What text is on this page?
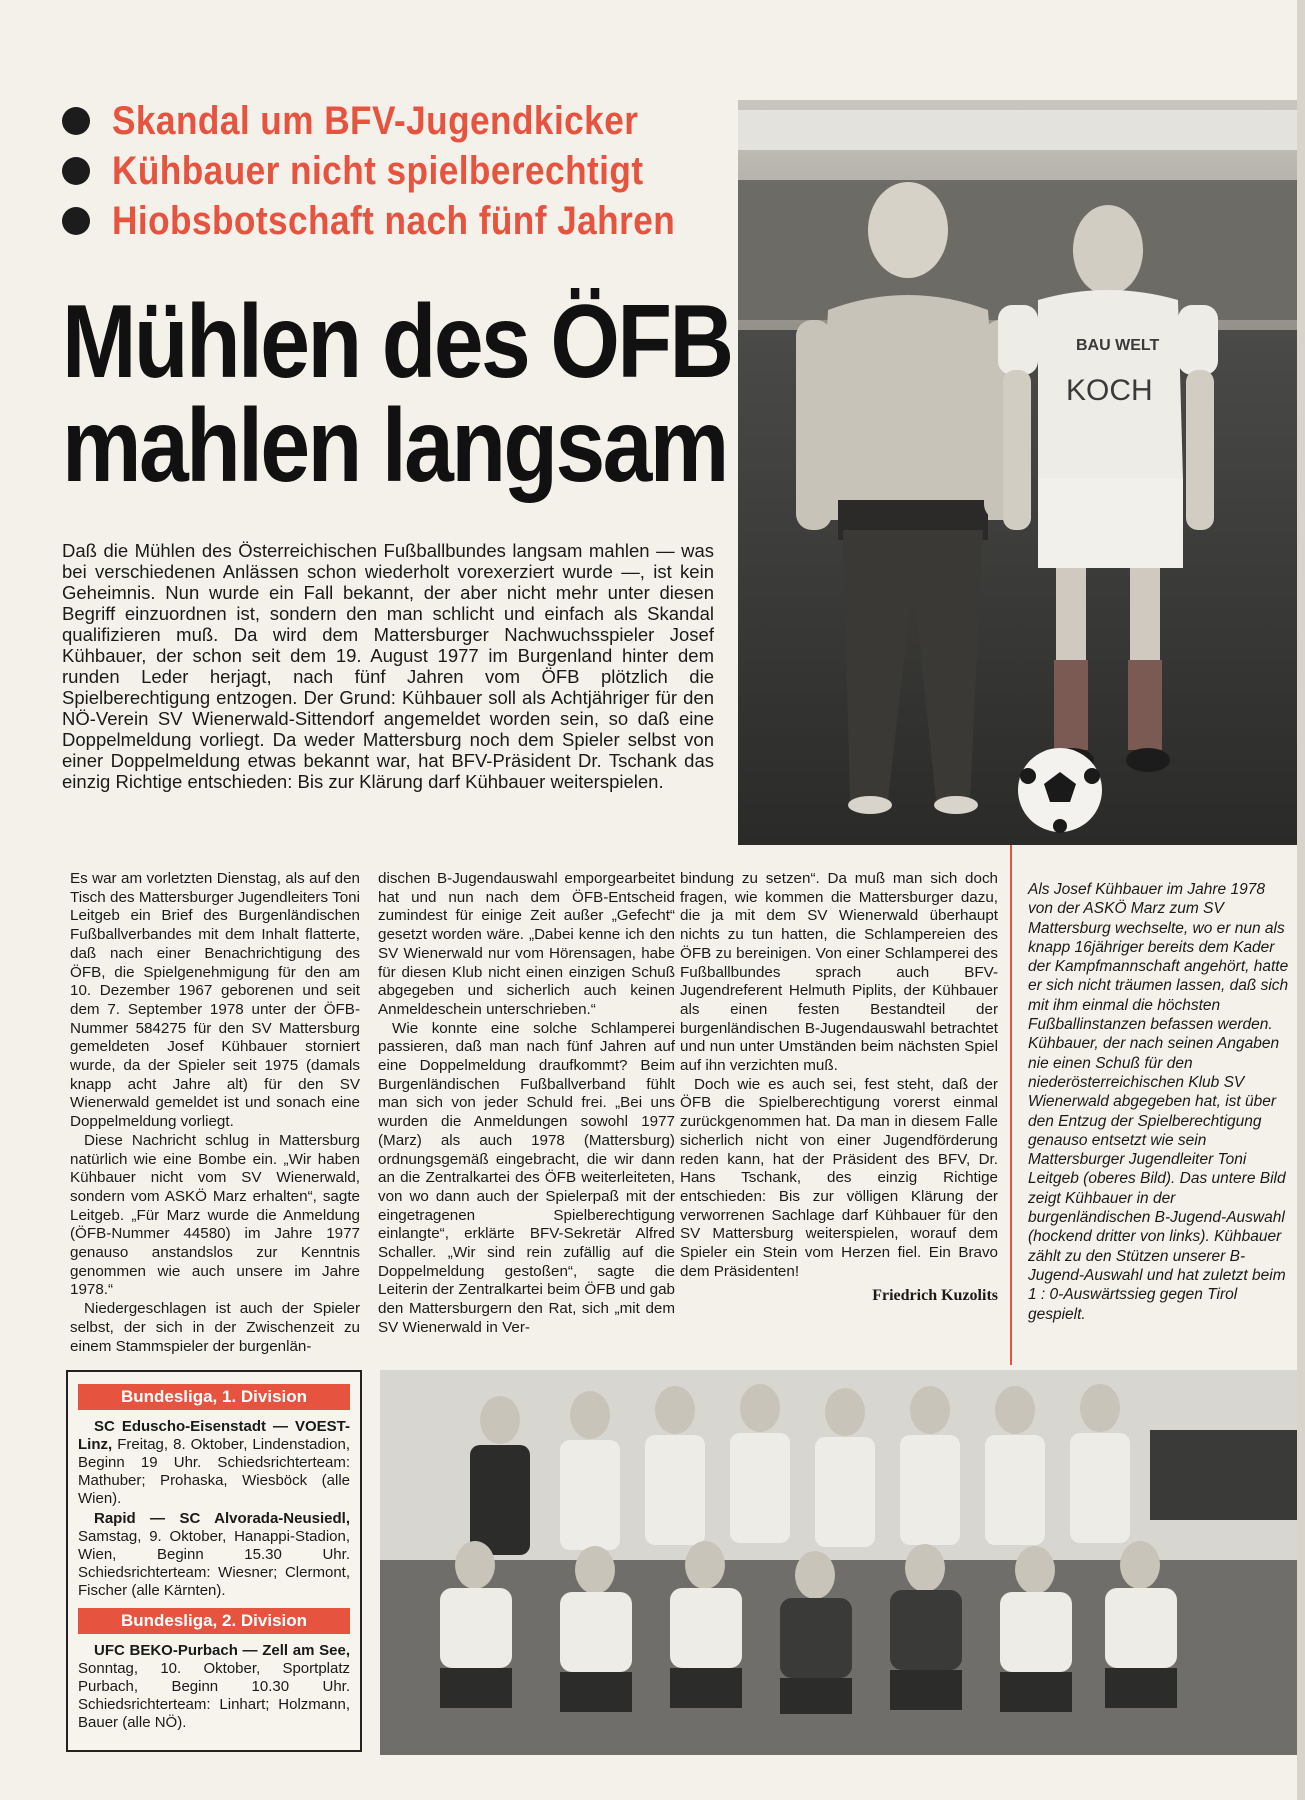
Skandal um BFV-Jugendkicker
Kühbauer nicht spielberechtigt
Hiobsbotschaft nach fünf Jahren
Mühlen des ÖFB
mahlen langsam
Daß die Mühlen des Österreichischen Fußballbundes langsam mahlen — was bei verschiedenen Anlässen schon wiederholt vorexerziert wurde —, ist kein Geheimnis. Nun wurde ein Fall bekannt, der aber nicht mehr unter diesen Begriff einzuordnen ist, sondern den man schlicht und einfach als Skandal qualifizieren muß. Da wird dem Mattersburger Nachwuchsspieler Josef Kühbauer, der schon seit dem 19. August 1977 im Burgenland hinter dem runden Leder herjagt, nach fünf Jahren vom ÖFB plötzlich die Spielberechtigung entzogen. Der Grund: Kühbauer soll als Achtjähriger für den NÖ-Verein SV Wienerwald-Sittendorf angemeldet worden sein, so daß eine Doppelmeldung vorliegt. Da weder Mattersburg noch dem Spieler selbst von einer Doppelmeldung etwas bekannt war, hat BFV-Präsident Dr. Tschank das einzig Richtige entschieden: Bis zur Klärung darf Kühbauer weiterspielen.

Es war am vorletzten Dienstag, als auf den Tisch des Mattersburger Jugendleiters Toni Leitgeb ein Brief des Burgenländischen Fußballverbandes mit dem Inhalt flatterte, daß nach einer Benachrichtigung des ÖFB, die Spielgenehmigung für den am 10. Dezember 1967 geborenen und seit dem 7. September 1978 unter der ÖFB-Nummer 584275 für den SV Mattersburg gemeldeten Josef Kühbauer storniert wurde, da der Spieler seit 1975 (damals knapp acht Jahre alt) für den SV Wienerwald gemeldet ist und sonach eine Doppelmeldung vorliegt.

Diese Nachricht schlug in Mattersburg natürlich wie eine Bombe ein. „Wir haben Kühbauer nicht vom SV Wienerwald, sondern vom ASKÖ Marz erhalten“, sagte Leitgeb. „Für Marz wurde die Anmeldung (ÖFB-Nummer 44580) im Jahre 1977 genauso anstandslos zur Kenntnis genommen wie auch unsere im Jahre 1978.“

Niedergeschlagen ist auch der Spieler selbst, der sich in der Zwischenzeit zu einem Stammspieler der burgenlän-

dischen B-Jugendauswahl emporgearbeitet hat und nun nach dem ÖFB-Entscheid zumindest für einige Zeit außer „Gefecht“ gesetzt worden wäre. „Dabei kenne ich den SV Wienerwald nur vom Hörensagen, habe für diesen Klub nicht einen einzigen Schuß abgegeben und sicherlich auch keinen Anmeldeschein unterschrieben.“

Wie konnte eine solche Schlamperei passieren, daß man nach fünf Jahren auf eine Doppelmeldung draufkommt? Beim Burgenländischen Fußballverband fühlt man sich von jeder Schuld frei. „Bei uns wurden die Anmeldungen sowohl 1977 (Marz) als auch 1978 (Mattersburg) ordnungsgemäß eingebracht, die wir dann an die Zentralkartei des ÖFB weiterleiteten, von wo dann auch der Spielerpaß mit der eingetragenen Spielberechtigung einlangte“, erklärte BFV-Sekretär Alfred Schaller. „Wir sind rein zufällig auf die Doppelmeldung gestoßen“, sagte die Leiterin der Zentralkartei beim ÖFB und gab den Mattersburgern den Rat, sich „mit dem SV Wienerwald in Ver-

bindung zu setzen“. Da muß man sich doch fragen, wie kommen die Mattersburger dazu, die ja mit dem SV Wienerwald überhaupt nichts zu tun hatten, die Schlampereien des ÖFB zu bereinigen. Von einer Schlamperei des Fußballbundes sprach auch BFV-Jugendreferent Helmuth Piplits, der Kühbauer als einen festen Bestandteil der burgenländischen B-Jugendauswahl betrachtet und nun unter Umständen beim nächsten Spiel auf ihn verzichten muß.

Doch wie es auch sei, fest steht, daß der ÖFB die Spielberechtigung vorerst einmal zurückgenommen hat. Da man in diesem Falle sicherlich nicht von einer Jugendförderung reden kann, hat der Präsident des BFV, Dr. Hans Tschank, des einzig Richtige entschieden: Bis zur völligen Klärung der verworrenen Sachlage darf Kühbauer für den SV Mattersburg weiterspielen, worauf dem Spieler ein Stein vom Herzen fiel. Ein Bravo dem Präsidenten!

Friedrich Kuzolits
Als Josef Kühbauer im Jahre 1978 von der ASKÖ Marz zum SV Mattersburg wechselte, wo er nun als knapp 16jähriger bereits dem Kader der Kampfmannschaft angehört, hatte er sich nicht träumen lassen, daß sich mit ihm einmal die höchsten Fußballinstanzen befassen werden. Kühbauer, der nach seinen Angaben nie einen Schuß für den niederösterreichischen Klub SV Wienerwald abgegeben hat, ist über den Entzug der Spielberechtigung genauso entsetzt wie sein Mattersburger Jugendleiter Toni Leitgeb (oberes Bild). Das untere Bild zeigt Kühbauer in der burgenländischen B-Jugend-Auswahl (hockend dritter von links). Kühbauer zählt zu den Stützen unserer B-Jugend-Auswahl und hat zuletzt beim 1 : 0-Auswärtssieg gegen Tirol gespielt.
BAU WELT
KOCH
Bundesliga, 1. Division

SC Eduscho-Eisenstadt — VOEST-Linz, Freitag, 8. Oktober, Lindenstadion, Beginn 19 Uhr. Schiedsrichterteam: Mathuber; Prohaska, Wiesböck (alle Wien).

Rapid — SC Alvorada-Neusiedl, Samstag, 9. Oktober, Hanappi-Stadion, Wien, Beginn 15.30 Uhr. Schiedsrichterteam: Wiesner; Clermont, Fischer (alle Kärnten).

Bundesliga, 2. Division

UFC BEKO-Purbach — Zell am See, Sonntag, 10. Oktober, Sportplatz Purbach, Beginn 10.30 Uhr. Schiedsrichterteam: Linhart; Holzmann, Bauer (alle NÖ).
